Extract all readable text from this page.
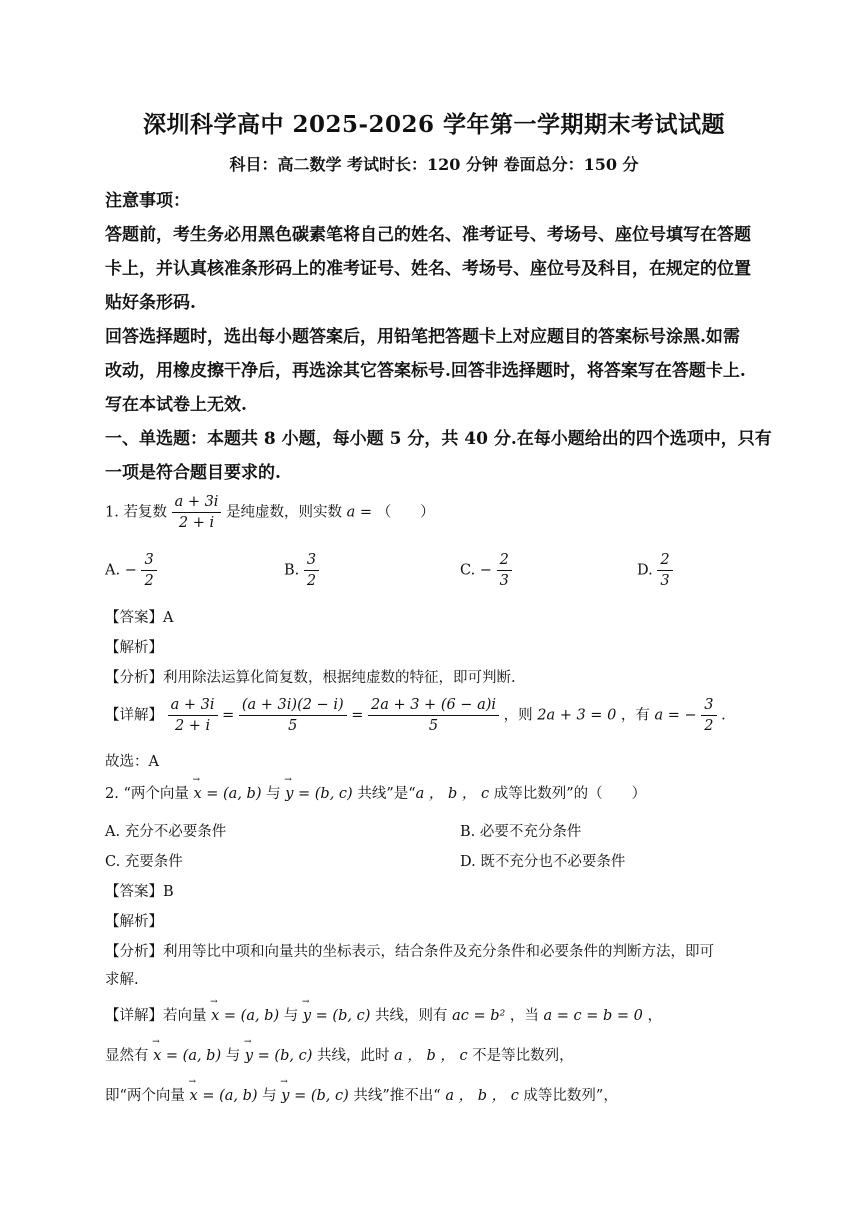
深圳科学高中 2025-2026 学年第一学期期末考试试题
科目：高二数学 考试时长：120 分钟 卷面总分：150 分
注意事项：
答题前，考生务必用黑色碳素笔将自己的姓名、准考证号、考场号、座位号填写在答题
卡上，并认真核准条形码上的准考证号、姓名、考场号、座位号及科目，在规定的位置
贴好条形码.
回答选择题时，选出每小题答案后，用铅笔把答题卡上对应题目的答案标号涂黑.如需
改动，用橡皮擦干净后，再选涂其它答案标号.回答非选择题时，将答案写在答题卡上.
写在本试卷上无效.
一、单选题：本题共 8 小题，每小题 5 分，共 40 分.在每小题给出的四个选项中，只有
一项是符合题目要求的.
1. 若复数 $\frac{a + 3i}{2 + i}$ 是纯虚数，则实数 a = （　　）
A. − $\frac{3}{2}$	B. $\frac{3}{2}$	C. − $\frac{2}{3}$	D. $\frac{2}{3}$
【答案】A
【解析】
【分析】利用除法运算化简复数，根据纯虚数的特征，即可判断.
【详解】 $\frac{a + 3i}{2 + i} = \frac{(a + 3i)(2 - i)}{5} = \frac{2a + 3 + (6 - a)i}{5}$ ，则 2a + 3 = 0 ，有 a = − $\frac{3}{2}$ .
故选：A
2. “两个向量 → x = (a, b) 与 → y = (b, c) 共线”是“a ， b ， c 成等比数列”的（　　）
A. 充分不必要条件	B. 必要不充分条件
C. 充要条件	D. 既不充分也不必要条件
【答案】B
【解析】
【分析】利用等比中项和向量共的坐标表示，结合条件及充分条件和必要条件的判断方法，即可
求解.
【详解】若向量 → x = (a, b) 与 → y = (b, c) 共线，则有 ac = b² ，当 a = c = b = 0 ，
显然有 → x = (a, b) 与 → y = (b, c) 共线，此时 a ， b ， c 不是等比数列，
即“两个向量 → x = (a, b) 与 → y = (b, c) 共线”推不出“ a ， b ， c 成等比数列”，
